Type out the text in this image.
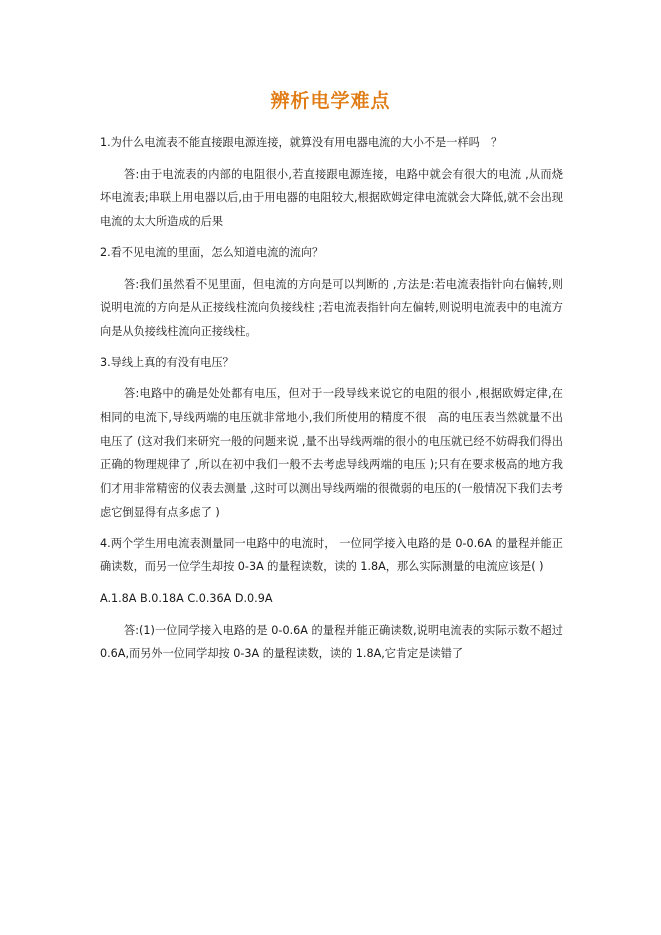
辨析电学难点

1.为什么电流表不能直接跟电源连接，就算没有用电器电流的大小不是一样吗　？

答:由于电流表的内部的电阻很小,若直接跟电源连接，电路中就会有很大的电流 ,从而烧坏电流表;串联上用电器以后,由于用电器的电阻较大,根据欧姆定律电流就会大降低,就不会出现电流的太大所造成的后果

2.看不见电流的里面，怎么知道电流的流向？

答:我们虽然看不见里面，但电流的方向是可以判断的 ,方法是:若电流表指针向右偏转,则说明电流的方向是从正接线柱流向负接线柱 ;若电流表指针向左偏转,则说明电流表中的电流方向是从负接线柱流向正接线柱。

3.导线上真的有没有电压？

答:电路中的确是处处都有电压，但对于一段导线来说它的电阻的很小 ,根据欧姆定律,在相同的电流下,导线两端的电压就非常地小,我们所使用的精度不很　高的电压表当然就量不出电压了 (这对我们来研究一般的问题来说 ,量不出导线两端的很小的电压就已经不妨碍我们得出正确的物理规律了 ,所以在初中我们一般不去考虑导线两端的电压 );只有在要求极高的地方我们才用非常精密的仪表去测量 ,这时可以测出导线两端的很微弱的电压的(一般情况下我们去考虑它倒显得有点多虑了 )

4.两个学生用电流表测量同一电路中的电流时， 一位同学接入电路的是 0-0.6A 的量程并能正确读数，而另一位学生却按 0-3A 的量程读数，读的 1.8A，那么实际测量的电流应该是( )

A.1.8A B.0.18A C.0.36A D.0.9A

答:(1)一位同学接入电路的是 0-0.6A 的量程并能正确读数,说明电流表的实际示数不超过 0.6A,而另外一位同学却按 0-3A 的量程读数，读的 1.8A,它肯定是读错了
